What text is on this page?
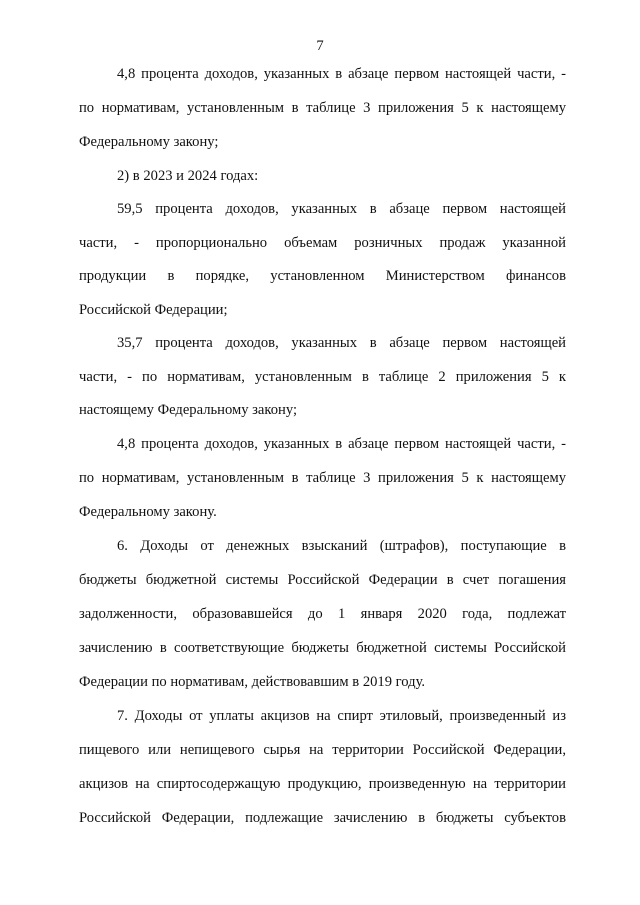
7
4,8 процента доходов, указанных в абзаце первом настоящей части, -
по нормативам, установленным в таблице 3 приложения 5 к настоящему
Федеральному закону;
2) в 2023 и 2024 годах:
59,5 процента доходов, указанных в абзаце первом настоящей
части, - пропорционально объемам розничных продаж указанной
продукции в порядке, установленном Министерством финансов
Российской Федерации;
35,7 процента доходов, указанных в абзаце первом настоящей
части, - по нормативам, установленным в таблице 2 приложения 5 к
настоящему Федеральному закону;
4,8 процента доходов, указанных в абзаце первом настоящей части, -
по нормативам, установленным в таблице 3 приложения 5 к настоящему
Федеральному закону.
6. Доходы от денежных взысканий (штрафов), поступающие в
бюджеты бюджетной системы Российской Федерации в счет погашения
задолженности, образовавшейся до 1 января 2020 года, подлежат
зачислению в соответствующие бюджеты бюджетной системы Российской
Федерации по нормативам, действовавшим в 2019 году.
7. Доходы от уплаты акцизов на спирт этиловый, произведенный из
пищевого или непищевого сырья на территории Российской Федерации,
акцизов на спиртосодержащую продукцию, произведенную на территории
Российской Федерации, подлежащие зачислению в бюджеты субъектов
